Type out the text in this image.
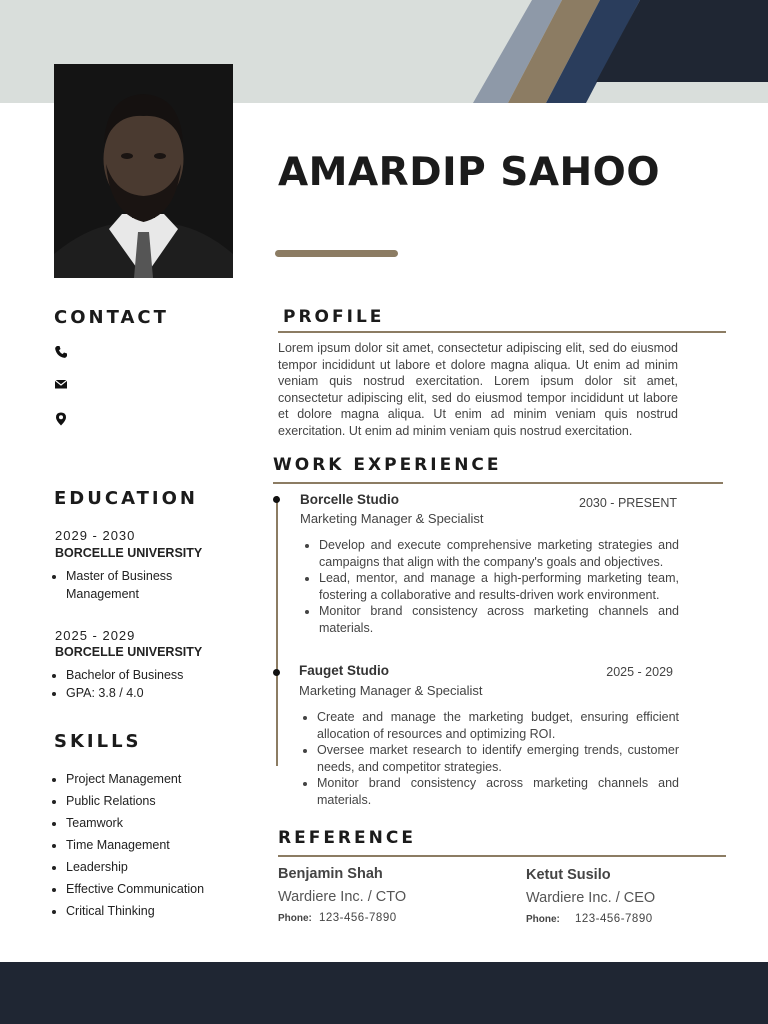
AMARDIP SAHOO
CONTACT
EDUCATION
2029 - 2030
BORCELLE UNIVERSITY
• Master of Business Management
2025 - 2029
BORCELLE UNIVERSITY
• Bachelor of Business
• GPA: 3.8 / 4.0
SKILLS
• Project Management
• Public Relations
• Teamwork
• Time Management
• Leadership
• Effective Communication
• Critical Thinking
PROFILE

Lorem ipsum dolor sit amet, consectetur adipiscing elit, sed do eiusmod tempor incididunt ut labore et dolore magna aliqua. Ut enim ad minim veniam quis nostrud exercitation. Lorem ipsum dolor sit amet, consectetur adipiscing elit, sed do eiusmod tempor incididunt ut labore et dolore magna aliqua. Ut enim ad minim veniam quis nostrud exercitation. Ut enim ad minim veniam quis nostrud exercitation.

WORK EXPERIENCE
Borcelle Studio	2030 - PRESENT
Marketing Manager & Specialist
• Develop and execute comprehensive marketing strategies and campaigns that align with the company's goals and objectives.
• Lead, mentor, and manage a high-performing marketing team, fostering a collaborative and results-driven work environment.
• Monitor brand consistency across marketing channels and materials.
Fauget Studio	2025 - 2029
Marketing Manager & Specialist
• Create and manage the marketing budget, ensuring efficient allocation of resources and optimizing ROI.
• Oversee market research to identify emerging trends, customer needs, and competitor strategies.
• Monitor brand consistency across marketing channels and materials.
REFERENCE
Benjamin Shah
Wardiere Inc. / CTO
Phone: 123-456-7890
Ketut Susilo
Wardiere Inc. / CEO
Phone: 123-456-7890
